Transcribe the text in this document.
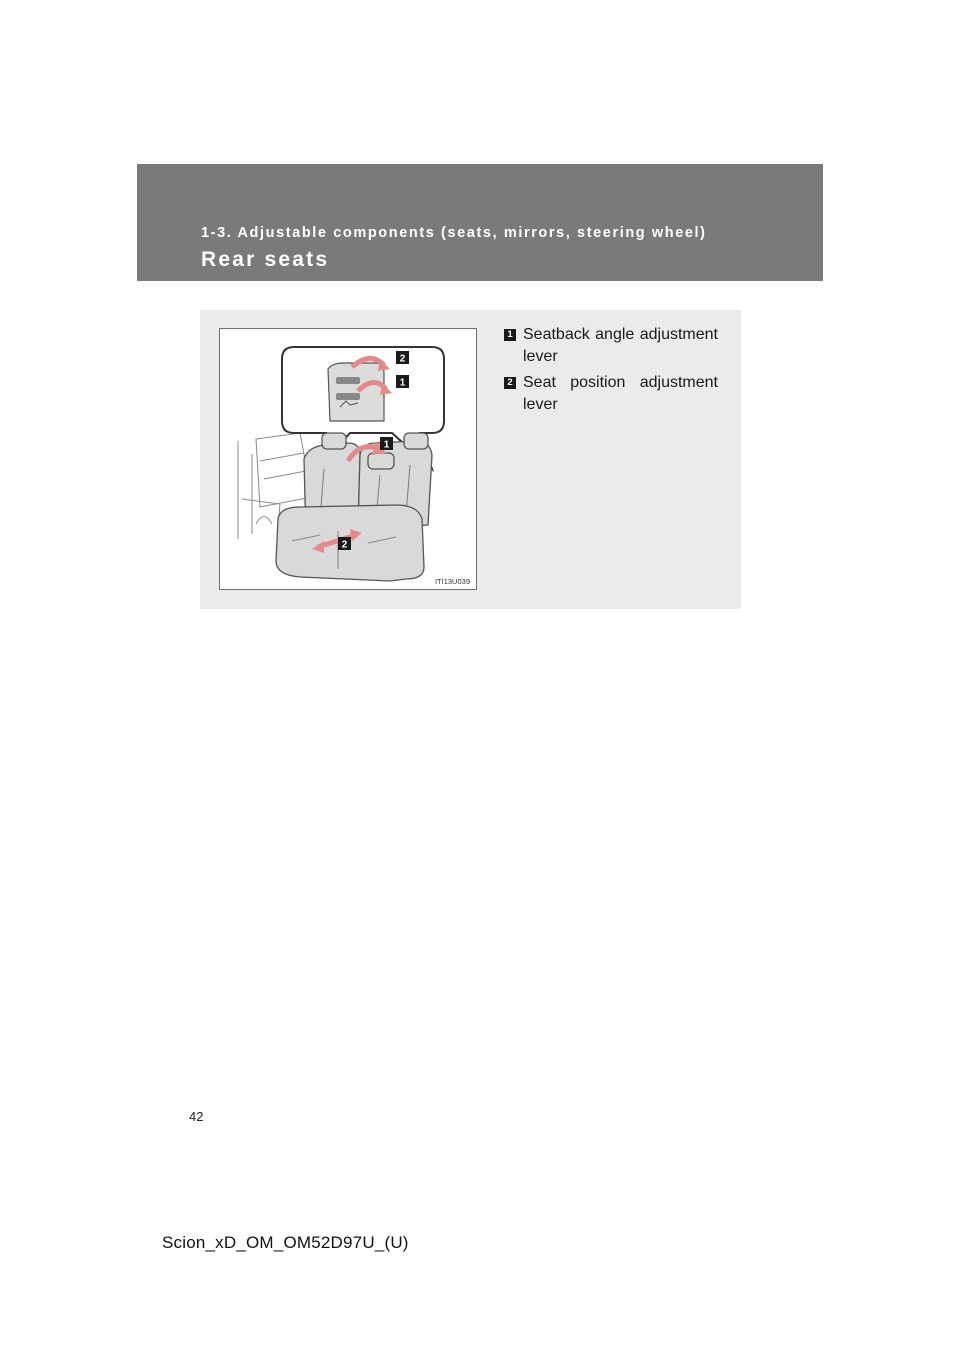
1-3. Adjustable components (seats, mirrors, steering wheel)
Rear seats
2
1
1
2
ITI13U039
1 Seatback angle adjustment lever
2 Seat position adjustment lever
42
Scion_xD_OM_OM52D97U_(U)
